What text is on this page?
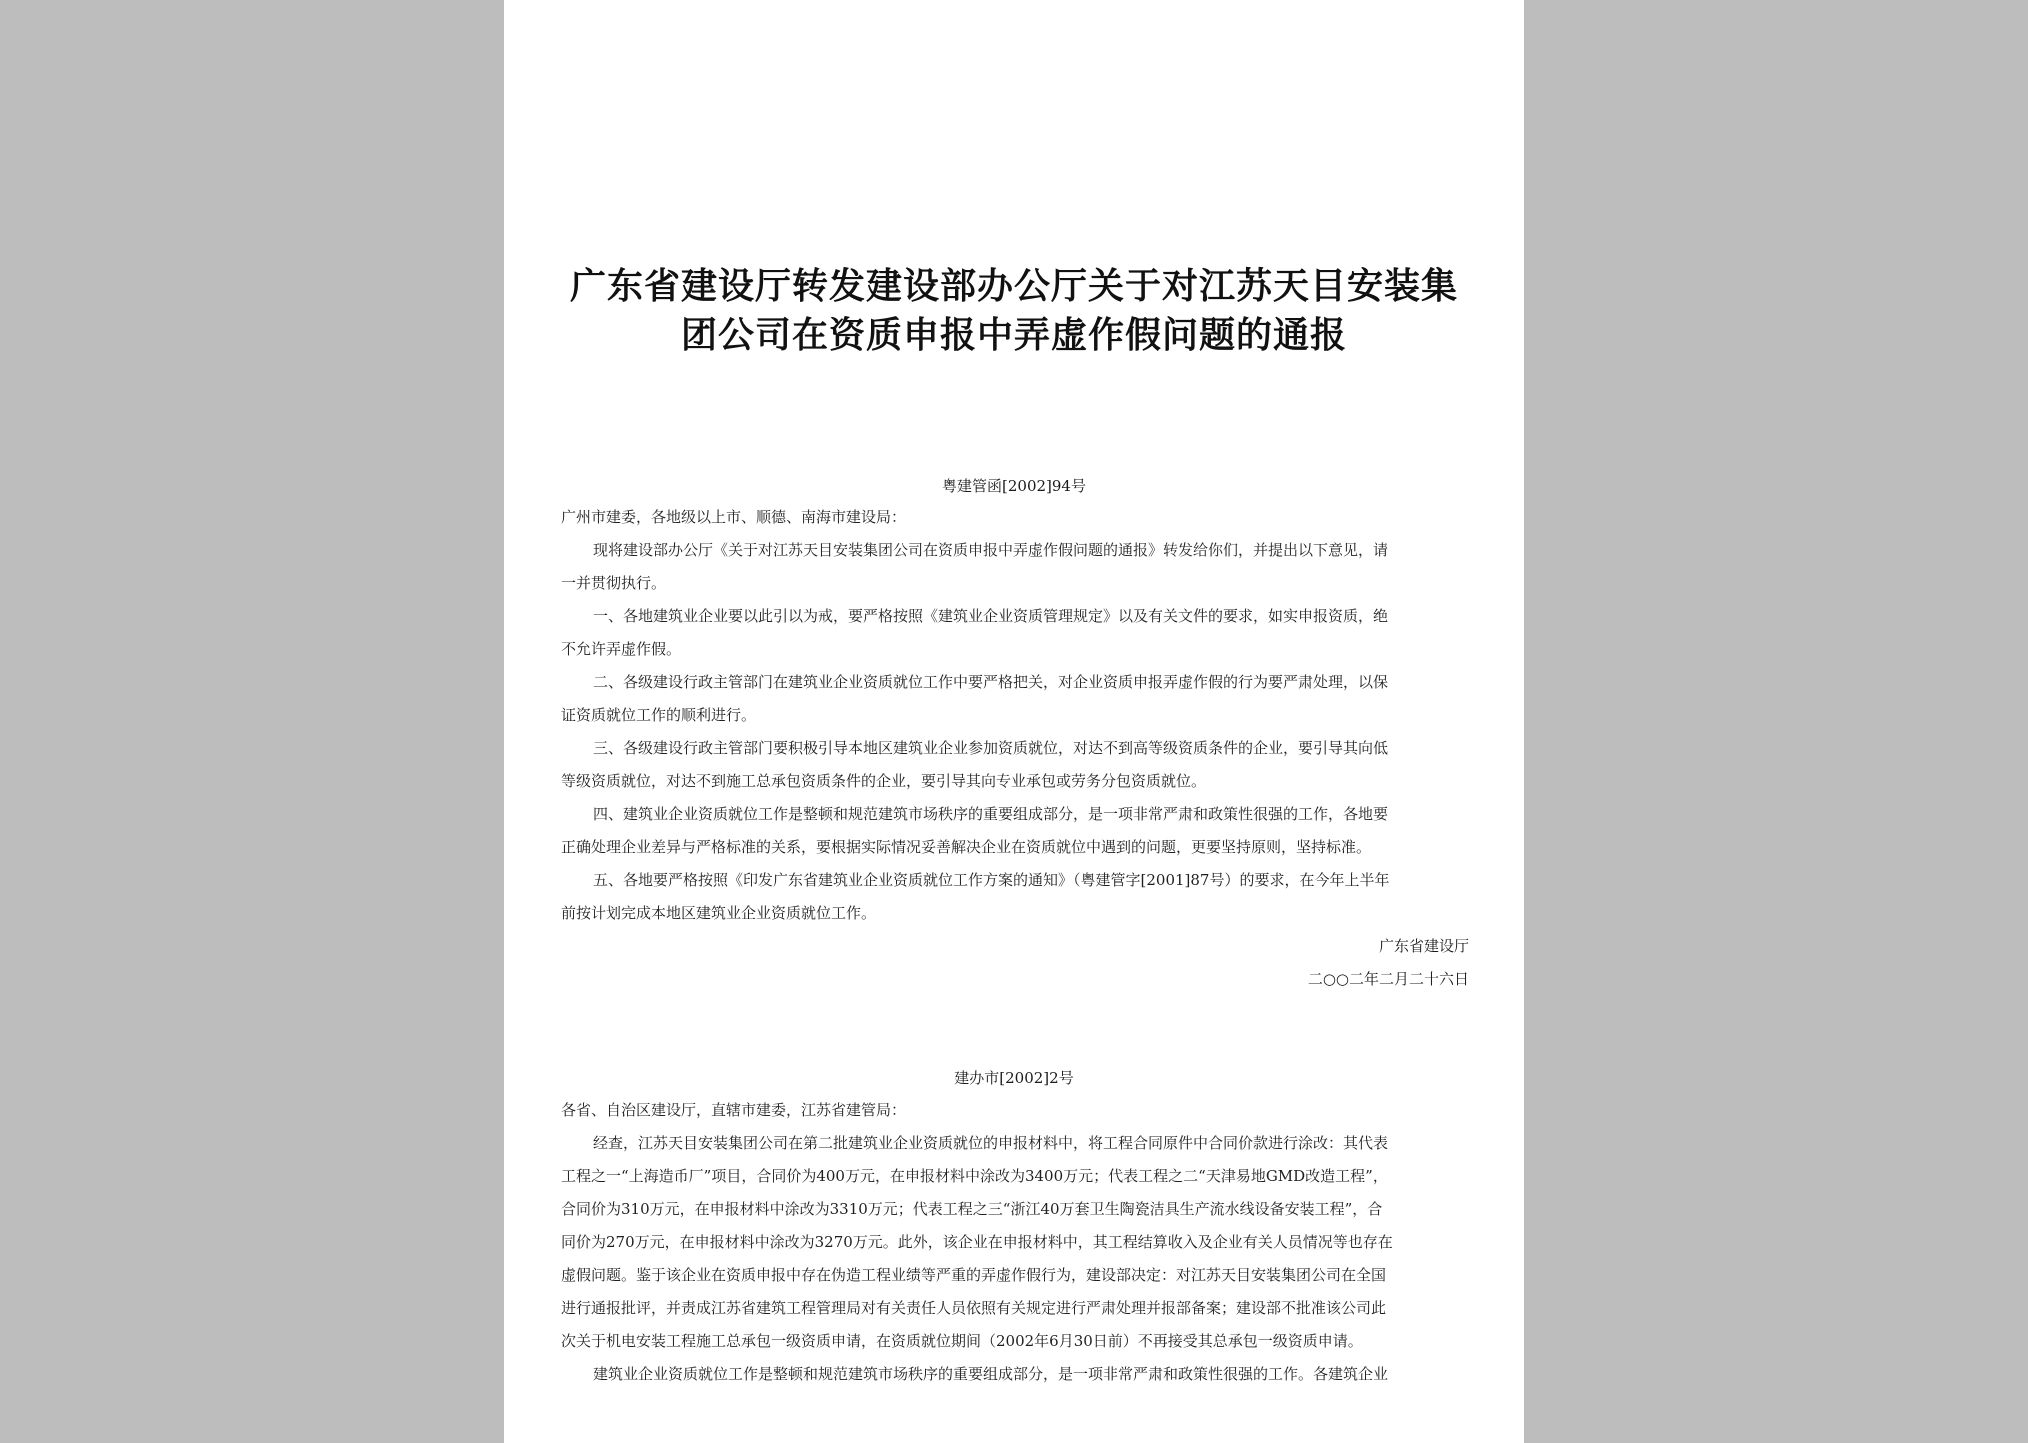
广东省建设厅转发建设部办公厅关于对江苏天目安装集
团公司在资质申报中弄虚作假问题的通报
粤建管函[2002]94号
广州市建委，各地级以上市、顺德、南海市建设局：
现将建设部办公厅《关于对江苏天目安装集团公司在资质申报中弄虚作假问题的通报》转发给你们，并提出以下意见，请
一并贯彻执行。
一、各地建筑业企业要以此引以为戒，要严格按照《建筑业企业资质管理规定》以及有关文件的要求，如实申报资质，绝
不允许弄虚作假。
二、各级建设行政主管部门在建筑业企业资质就位工作中要严格把关，对企业资质申报弄虚作假的行为要严肃处理，以保
证资质就位工作的顺利进行。
三、各级建设行政主管部门要积极引导本地区建筑业企业参加资质就位，对达不到高等级资质条件的企业，要引导其向低
等级资质就位，对达不到施工总承包资质条件的企业，要引导其向专业承包或劳务分包资质就位。
四、建筑业企业资质就位工作是整顿和规范建筑市场秩序的重要组成部分，是一项非常严肃和政策性很强的工作，各地要
正确处理企业差异与严格标准的关系，要根据实际情况妥善解决企业在资质就位中遇到的问题，更要坚持原则，坚持标准。
五、各地要严格按照《印发广东省建筑业企业资质就位工作方案的通知》（粤建管字[2001]87号）的要求，在今年上半年
前按计划完成本地区建筑业企业资质就位工作。
广东省建设厅
二○○二年二月二十六日
建办市[2002]2号
各省、自治区建设厅，直辖市建委，江苏省建管局：
经查，江苏天目安装集团公司在第二批建筑业企业资质就位的申报材料中，将工程合同原件中合同价款进行涂改：其代表
工程之一“上海造币厂”项目，合同价为400万元，在申报材料中涂改为3400万元；代表工程之二“天津易地GMD改造工程”，
合同价为310万元，在申报材料中涂改为3310万元；代表工程之三“浙江40万套卫生陶瓷洁具生产流水线设备安装工程”，合
同价为270万元，在申报材料中涂改为3270万元。此外，该企业在申报材料中，其工程结算收入及企业有关人员情况等也存在
虚假问题。鉴于该企业在资质申报中存在伪造工程业绩等严重的弄虚作假行为，建设部决定：对江苏天目安装集团公司在全国
进行通报批评，并责成江苏省建筑工程管理局对有关责任人员依照有关规定进行严肃处理并报部备案；建设部不批准该公司此
次关于机电安装工程施工总承包一级资质申请，在资质就位期间（2002年6月30日前）不再接受其总承包一级资质申请。
建筑业企业资质就位工作是整顿和规范建筑市场秩序的重要组成部分，是一项非常严肃和政策性很强的工作。各建筑企业
